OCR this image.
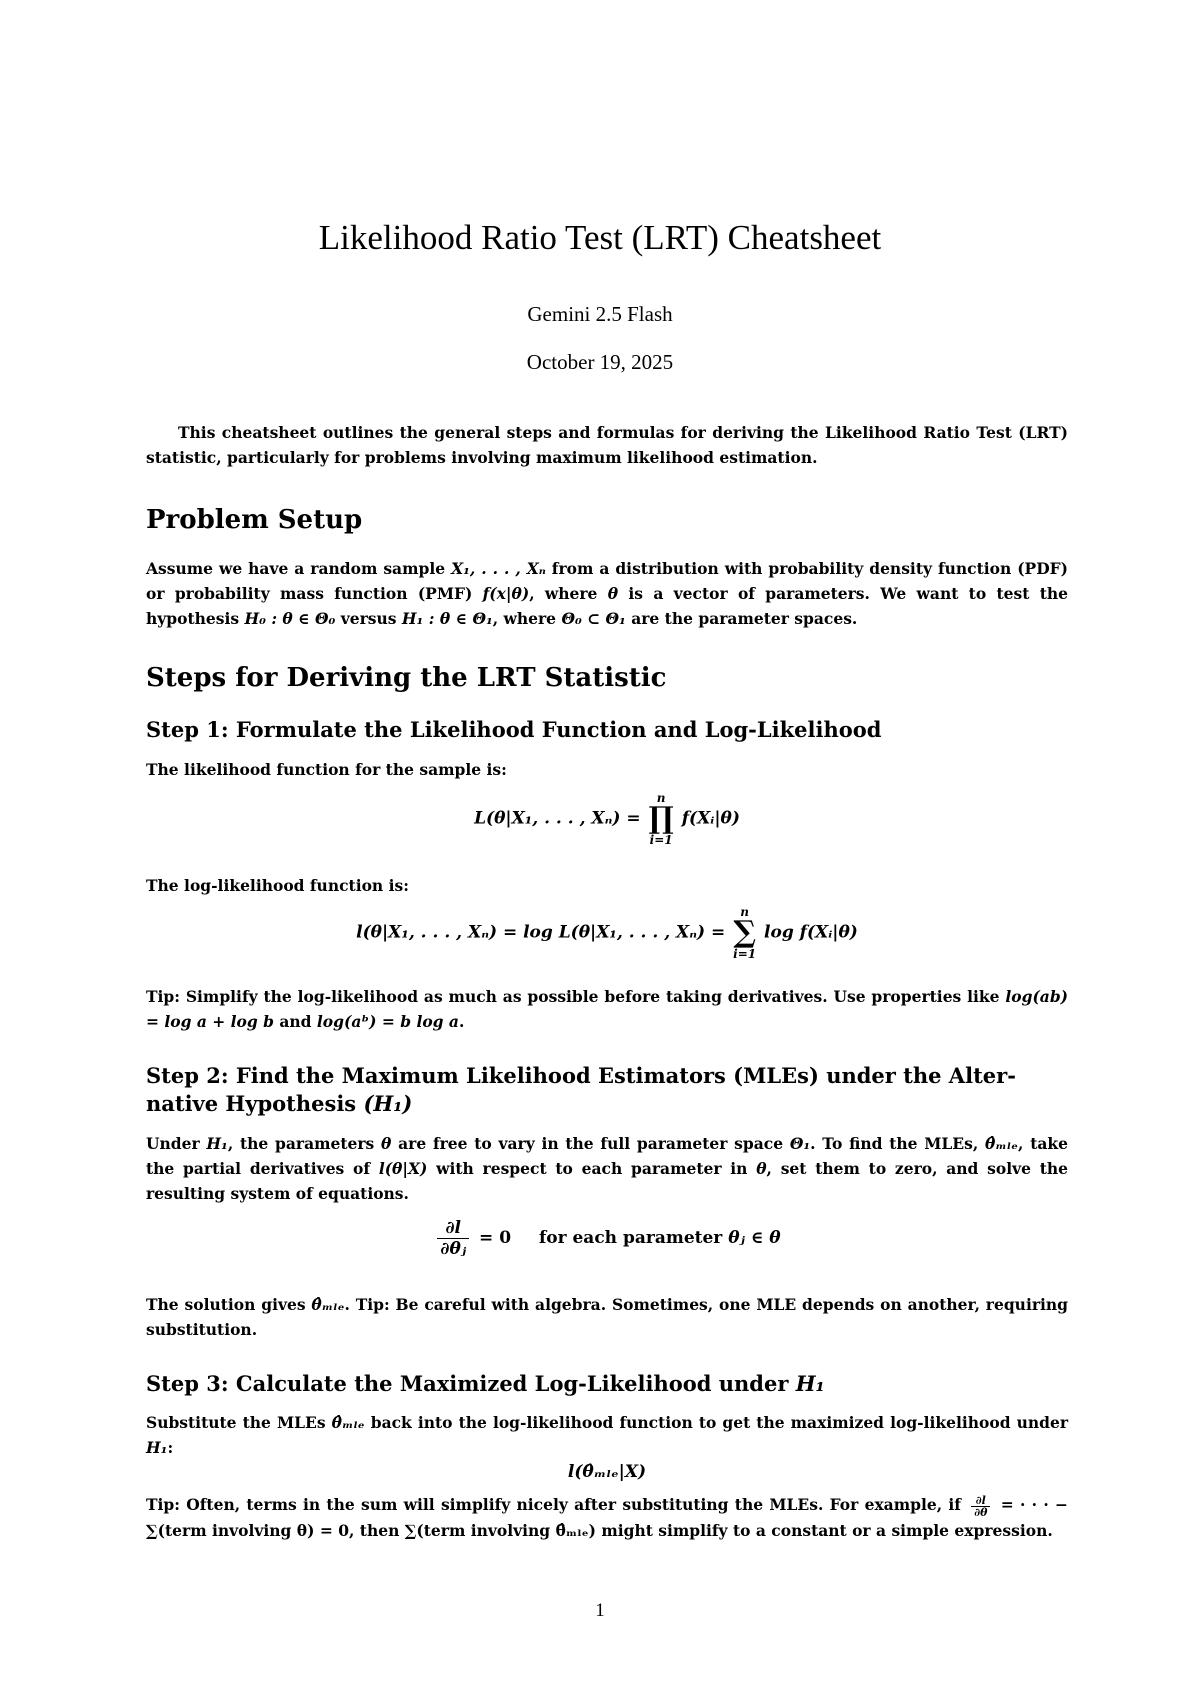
Likelihood Ratio Test (LRT) Cheatsheet
Gemini 2.5 Flash
October 19, 2025

This cheatsheet outlines the general steps and formulas for deriving the Likelihood Ratio Test (LRT) statistic, particularly for problems involving maximum likelihood estimation.

Problem Setup

Assume we have a random sample X₁, . . . , Xₙ from a distribution with probability density function (PDF) or probability mass function (PMF) f(x|θ), where θ is a vector of parameters. We want to test the hypothesis H₀ : θ ∈ Θ₀ versus H₁ : θ ∈ Θ₁, where Θ₀ ⊂ Θ₁ are the parameter spaces.

Steps for Deriving the LRT Statistic
Step 1: Formulate the Likelihood Function and Log-Likelihood

The likelihood function for the sample is:

L(θ|X₁, . . . , Xₙ) =
n
∏
i=1
f(Xᵢ|θ)

The log-likelihood function is:

l(θ|X₁, . . . , Xₙ) = log L(θ|X₁, . . . , Xₙ) =
n
∑
i=1
log f(Xᵢ|θ)

Tip: Simplify the log-likelihood as much as possible before taking derivatives. Use properties like log(ab) = log a + log b and log(aᵇ) = b log a.

Step 2: Find the Maximum Likelihood Estimators (MLEs) under the Alter-
native Hypothesis (H₁)

Under H₁, the parameters θ are free to vary in the full parameter space Θ₁. To find the MLEs, θ̂ₘₗₑ, take the partial derivatives of l(θ|X) with respect to each parameter in θ, set them to zero, and solve the resulting system of equations.

$\frac{\partial l}{\text{∂θⱼ}} = 0$ for each parameter θⱼ ∈ θ

The solution gives θ̂ₘₗₑ. Tip: Be careful with algebra. Sometimes, one MLE depends on another, requiring substitution.

Step 3: Calculate the Maximized Log-Likelihood under H₁

Substitute the MLEs θ̂ₘₗₑ back into the log-likelihood function to get the maximized log-likelihood under H₁:

l(θ̂ₘₗₑ|X)

Tip: Often, terms in the sum will simplify nicely after substituting the MLEs. For example, if $\frac{\partial l}{\partial\theta}$ = · · · − ∑(term involving θ) = 0, then ∑(term involving θ̂ₘₗₑ) might simplify to a constant or a simple expression.

1
